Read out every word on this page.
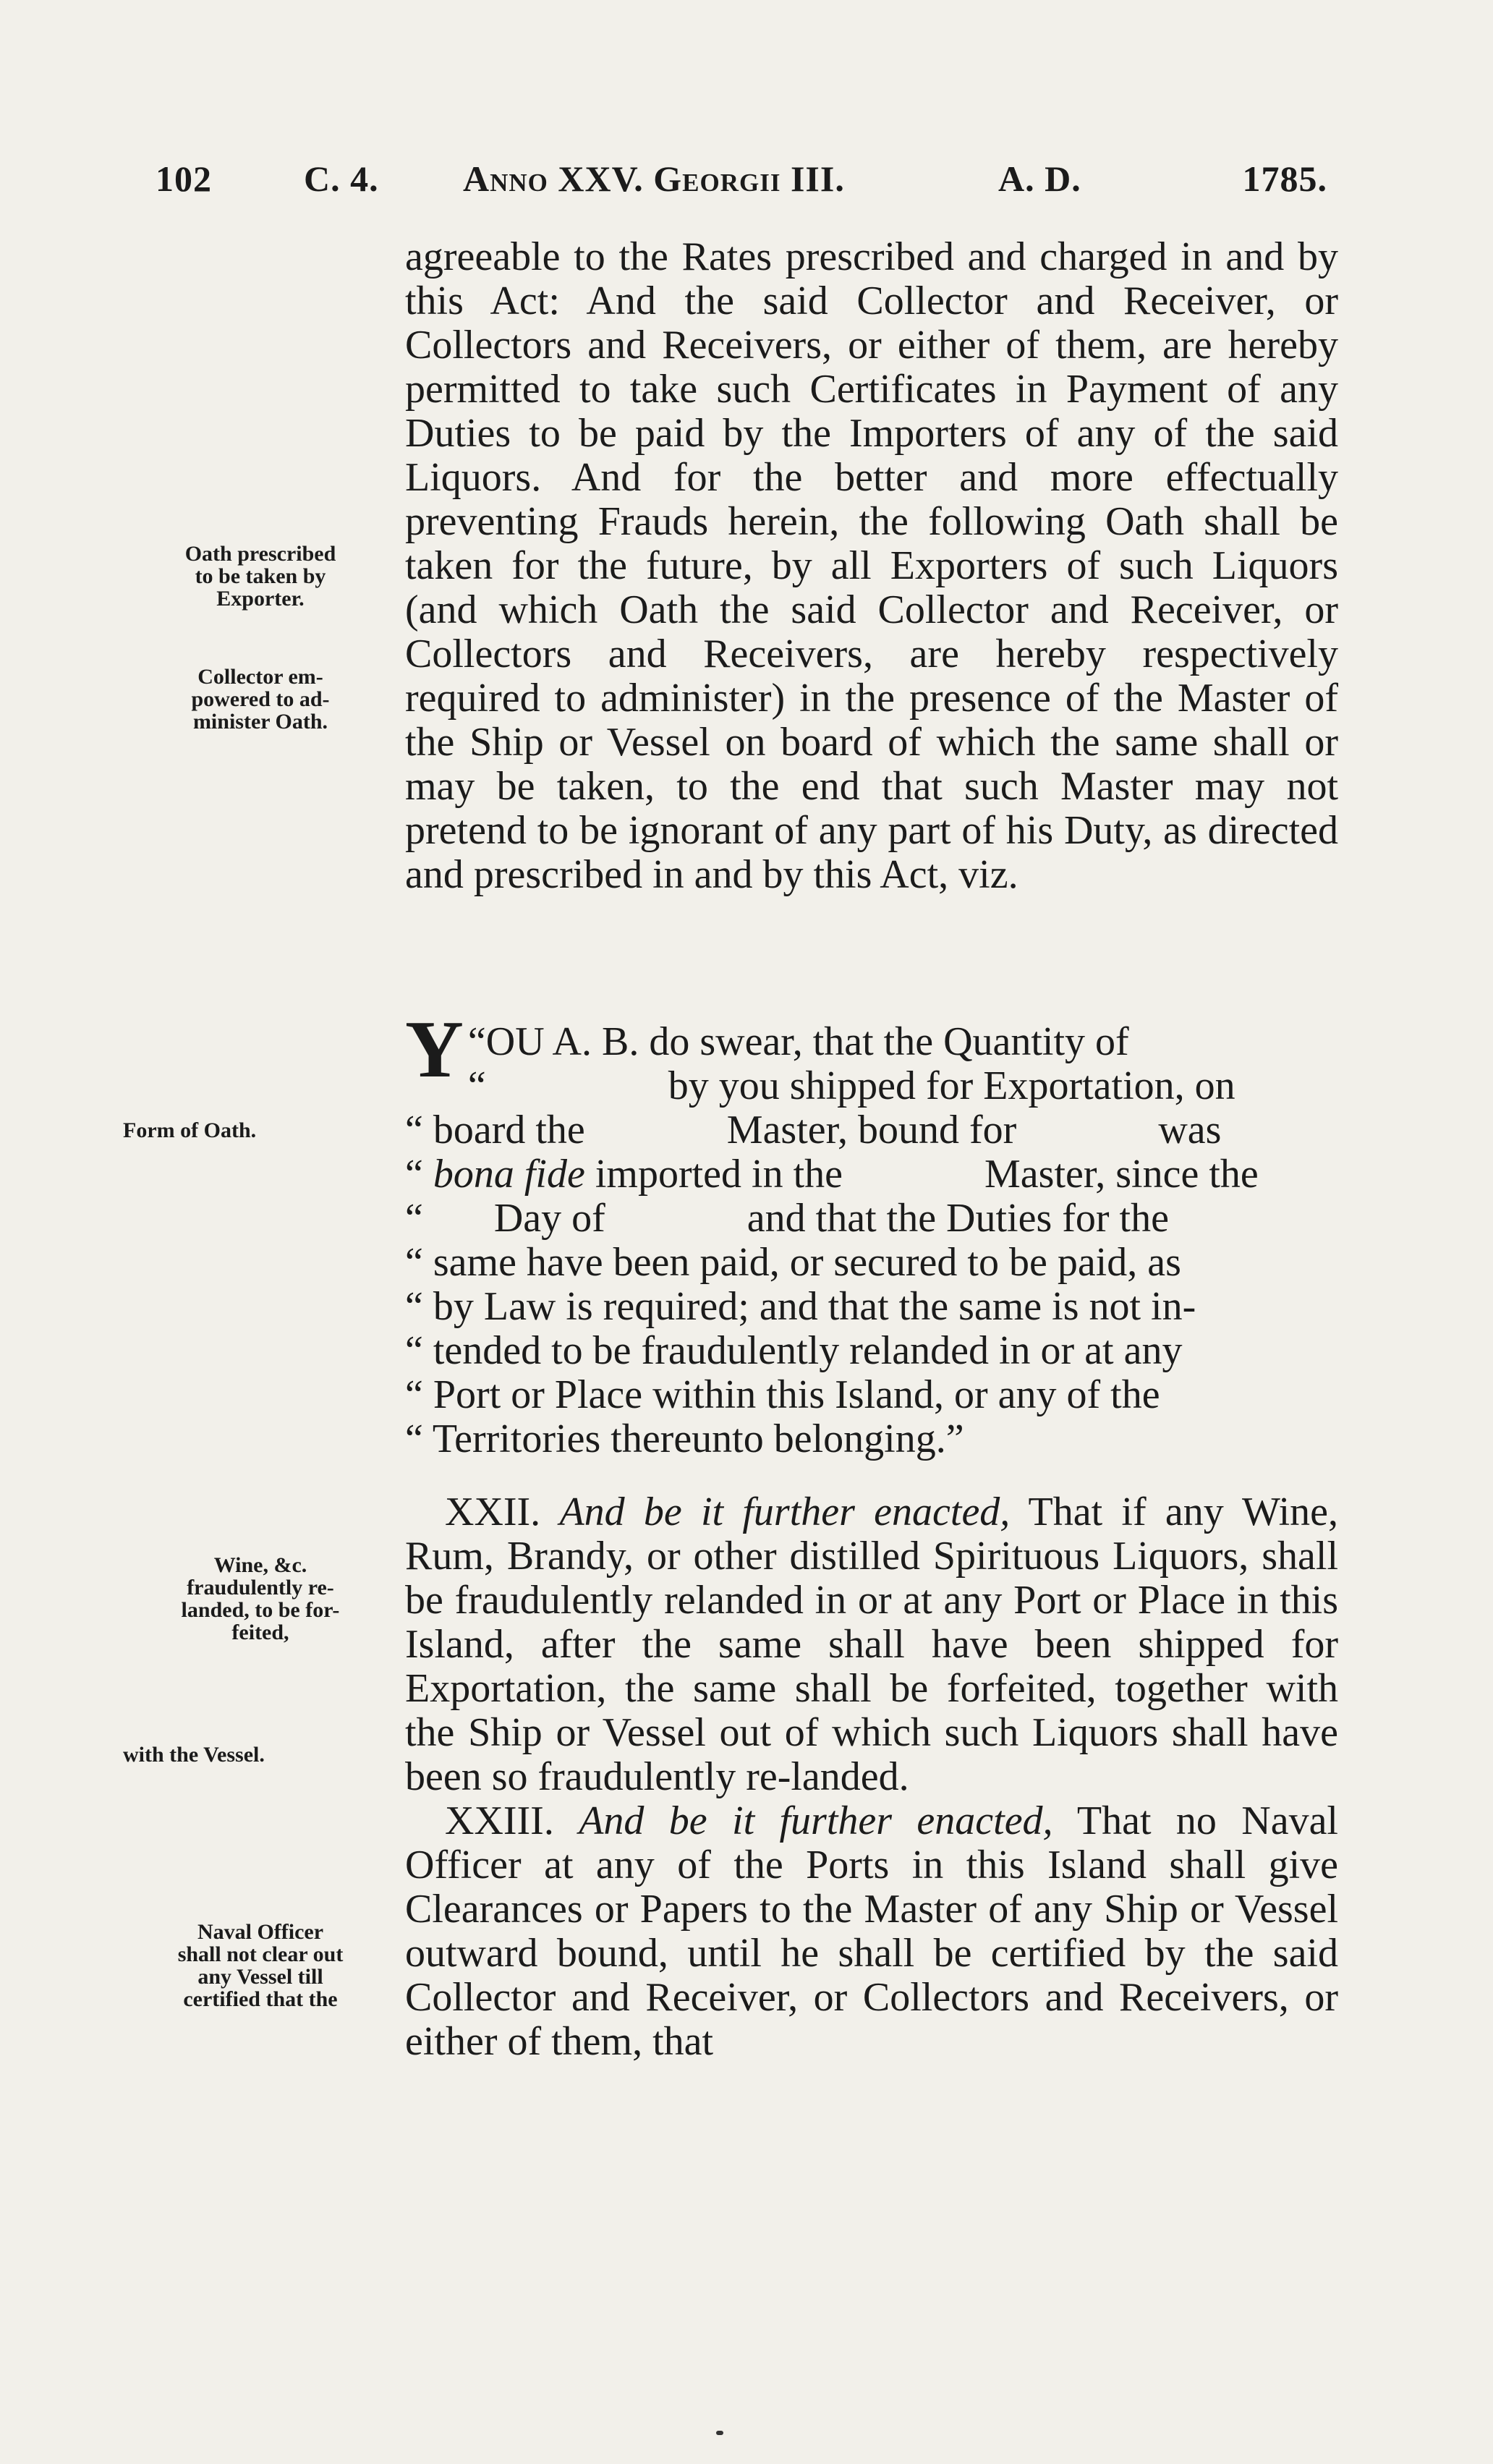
102	C. 4. Anno XXV. Georgii III.	A. D.	1785.
Oath prescribed
to be taken by
Exporter.
Collector em-
powered to ad-
minister Oath.
Form of Oath.
Wine, &c.
fraudulently re-
landed, to be for-
feited,
with the Vessel.
Naval Officer
shall not clear out
any Vessel till
certified that the

agreeable to the Rates prescribed and charged in and by this Act: And the said Collector and Receiver, or Collectors and Receivers, or either of them, are hereby permitted to take such Certificates in Payment of any Duties to be paid by the Importers of any of the said Liquors. And for the better and more effectually preventing Frauds herein, the following Oath shall be taken for the future, by all Exporters of such Liquors (and which Oath the said Collector and Receiver, or Collectors and Receivers, are hereby respectively required to administer) in the presence of the Master of the Ship or Vessel on board of which the same shall or may be taken, to the end that such Master may not pretend to be ignorant of any part of his Duty, as directed and prescribed in and by this Act, viz.

“
Y OU A. B. do swear, that the Quantity of
“                  by you shipped for Exportation, on
“ board the              Master, bound for              was
“ bona fide imported in the              Master, since the
“       Day of              and that the Duties for the
“ same have been paid, or secured to be paid, as
“ by Law is required; and that the same is not in-
“ tended to be fraudulently relanded in or at any
“ Port or Place within this Island, or any of the
“ Territories thereunto belonging.”

XXII. And be it further enacted, That if any Wine, Rum, Brandy, or other distilled Spirituous Liquors, shall be fraudulently relanded in or at any Port or Place in this Island, after the same shall have been shipped for Exportation, the same shall be forfeited, together with the Ship or Vessel out of which such Liquors shall have been so fraudulently re-landed.

XXIII. And be it further enacted, That no Naval Officer at any of the Ports in this Island shall give Clearances or Papers to the Master of any Ship or Vessel outward bound, until he shall be certified by the said Collector and Receiver, or Collectors and Receivers, or either of them, that
